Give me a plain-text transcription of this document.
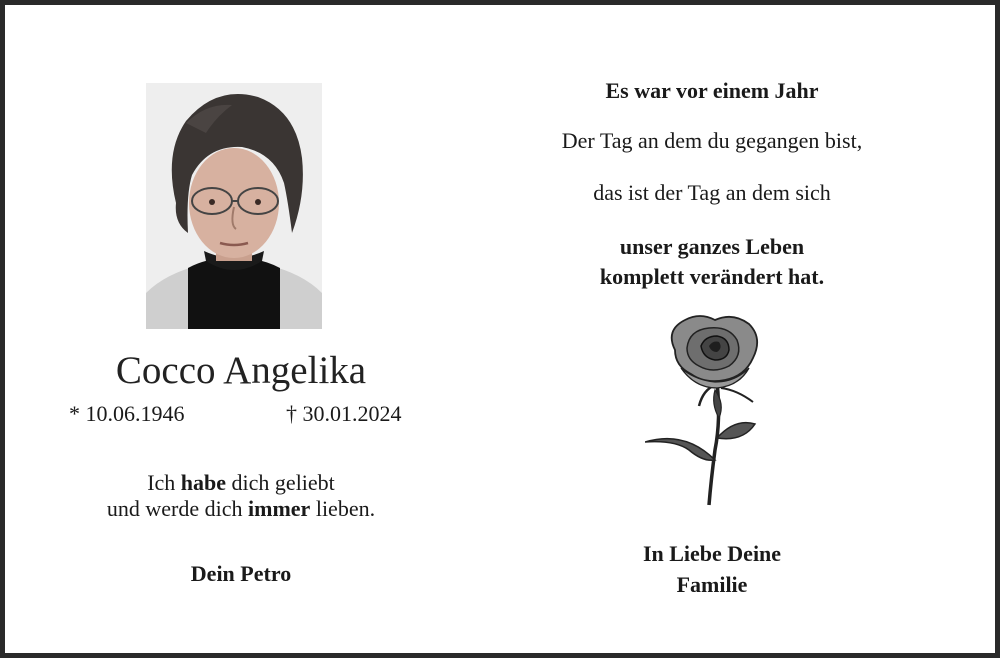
Cocco Angelika
* 10.06.1946	† 30.01.2024
Ich habe dich geliebt
und werde dich immer lieben.
Dein Petro
Es war vor einem Jahr
Der Tag an dem du gegangen bist,
das ist der Tag an dem sich
unser ganzes Leben
komplett verändert hat.
In Liebe Deine
Familie
